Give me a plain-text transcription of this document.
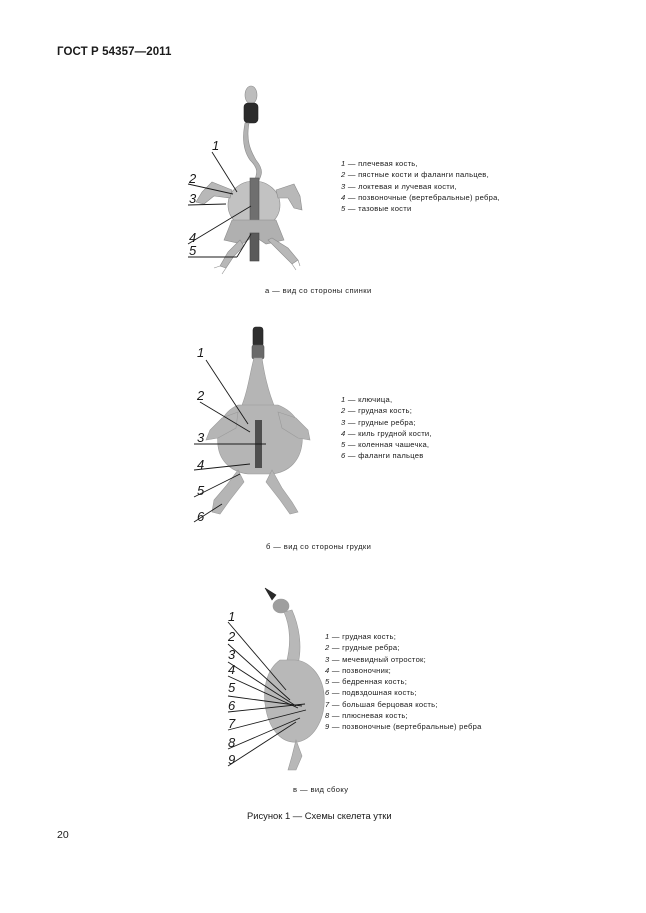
ГОСТ Р 54357—2011
1
2
3
4
5
1
2
3
4
5
6
1
2
3
4
5
6
7
8
9
1 — плечевая кость,
2 — пястные кости и фаланги пальцев,
3 — локтевая и лучевая кости,
4 — позвоночные (вертебральные) ребра,
5 — тазовые кости
а — вид со стороны спинки
1 — ключица,
2 — грудная кость;
3 — грудные ребра;
4 — киль грудной кости,
5 — коленная чашечка,
6 — фаланги пальцев
б — вид со стороны грудки
1 — грудная кость;
2 — грудные ребра;
3 — мечевидный отросток;
4 — позвоночник;
5 — бедренная кость;
6 — подвздошная кость;
7 — большая берцовая кость;
8 — плюсневая кость;
9 — позвоночные (вертебральные) ребра
в — вид сбоку
Рисунок 1 — Схемы скелета утки
20
